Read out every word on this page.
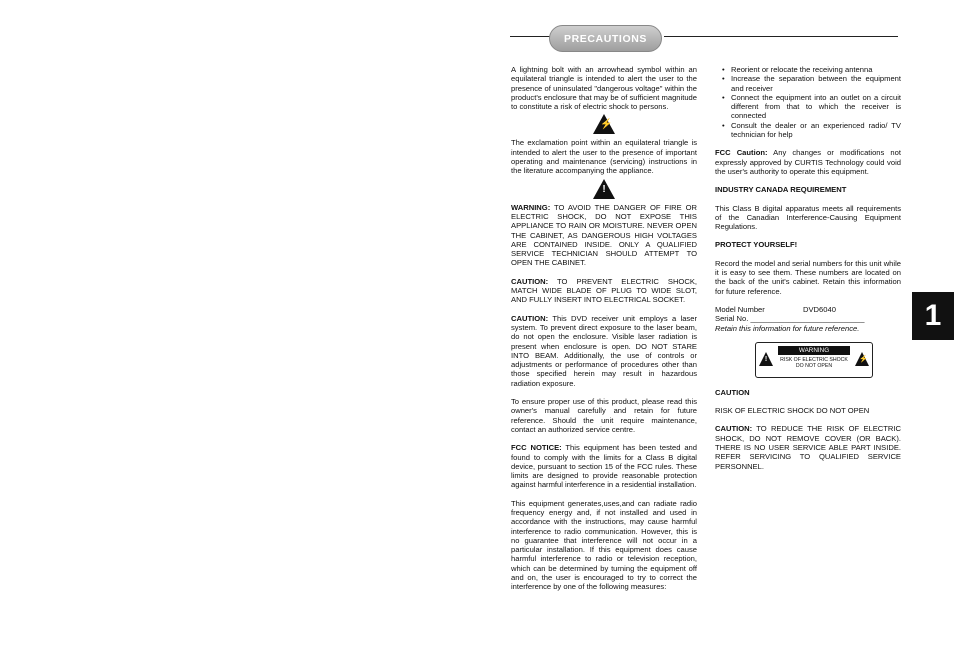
PRECAUTIONS

A lightning bolt with an arrowhead symbol within an equilateral triangle is intended to alert the user to the presence of uninsulated "dangerous voltage" within the product's enclosure that may be of sufficient magnitude to constitute a risk of electric shock to persons.

⚡

The exclamation point within an equilateral triangle is intended to alert the user to the presence of important operating and maintenance (servicing) instructions in the literature accompanying the appliance.

!

WARNING: TO AVOID THE DANGER OF FIRE OR ELECTRIC SHOCK, DO NOT EXPOSE THIS APPLIANCE TO RAIN OR MOISTURE. NEVER OPEN THE CABINET, AS DANGEROUS HIGH VOLTAGES ARE CONTAINED INSIDE. ONLY A QUALIFIED SERVICE TECHNICIAN SHOULD ATTEMPT TO OPEN THE CABINET.

CAUTION: TO PREVENT ELECTRIC SHOCK, MATCH WIDE BLADE OF PLUG TO WIDE SLOT, AND FULLY INSERT INTO ELECTRICAL SOCKET.

CAUTION: This DVD receiver unit employs a laser system. To prevent direct exposure to the laser beam, do not open the enclosure. Visible laser radiation is present when enclosure is open. DO NOT STARE INTO BEAM. Additionally, the use of controls or adjustments or performance of procedures other than those specified herein may result in hazardous radiation exposure.

To ensure proper use of this product, please read this owner's manual carefully and retain for future reference. Should the unit require maintenance, contact an authorized service centre.

FCC NOTICE: This equipment has been tested and found to comply with the limits for a Class B digital device, pursuant to section 15 of the FCC rules. These limits are designed to provide reasonable protection against harmful interference in a residential installation.

This equipment generates,uses,and can radiate radio frequency energy and, if not installed and used in accordance with the instructions, may cause harmful interference to radio communication. However, this is no guarantee that interference will not occur in a particular installation. If this equipment does cause harmful interference to radio or television reception, which can be determined by turning the equipment off and on, the user is encouraged to try to correct the interference by one of the following measures:

• Reorient or relocate the receiving antenna
• Increase the separation between the equipment and receiver
• Connect the equipment into an outlet on a circuit different from that to which the receiver is connected
• Consult the dealer or an experienced radio/ TV technician for help

FCC Caution: Any changes or modifications not expressly approved by CURTIS Technology could void the user's authority to operate this equipment.

INDUSTRY CANADA REQUIREMENT

This Class B digital apparatus meets all requirements of the Canadian Interference-Causing Equipment Regulations.

PROTECT YOURSELF!

Record the model and serial numbers for this unit while it is easy to see them. These numbers are located on the back of the unit's cabinet. Retain this information for future reference.

Model Number	DVD6040
Serial No. ___________________________
Retain this information for future reference.
!
WARNING
RISK OF ELECTRIC SHOCK DO NOT OPEN
⚡

CAUTION

RISK OF ELECTRIC SHOCK DO NOT OPEN

CAUTION: TO REDUCE THE RISK OF ELECTRIC SHOCK, DO NOT REMOVE COVER (OR BACK). THERE IS NO USER SERVICE ABLE PART INSIDE. REFER SERVICING TO QUALIFIED SERVICE PERSONNEL.

1
